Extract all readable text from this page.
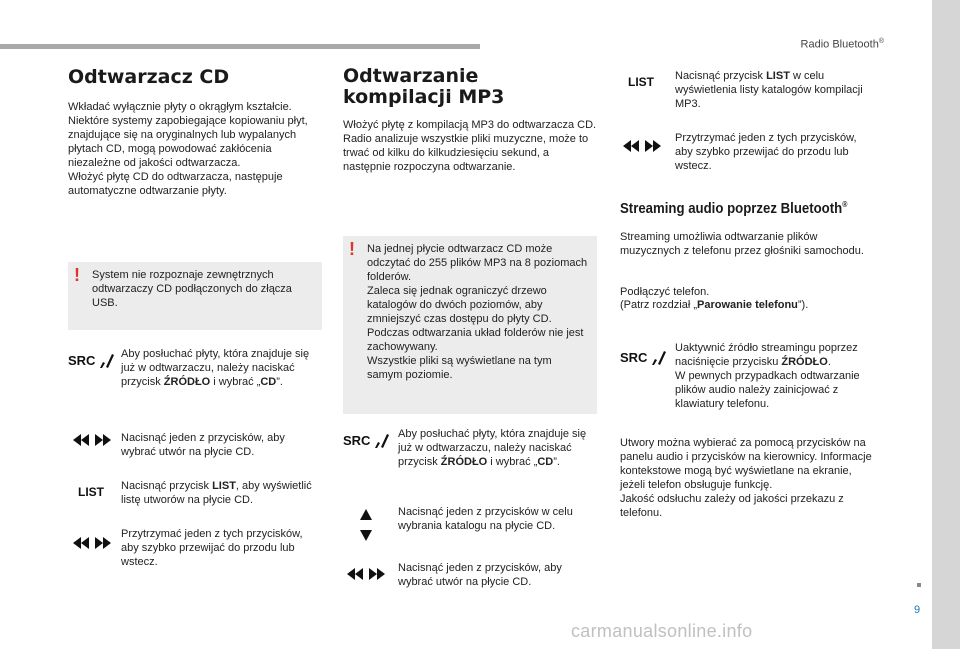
Radio Bluetooth®
9
carmanualsonline.info
Odtwarzacz CD
Wkładać wyłącznie płyty o okrągłym kształcie.
Niektóre systemy zapobiegające kopiowaniu płyt, znajdujące się na oryginalnych lub wypalanych płytach CD, mogą powodować zakłócenia niezależne od jakości odtwarzacza.
Włożyć płytę CD do odtwarzacza, następuje automatyczne odtwarzanie płyty.
! System nie rozpoznaje zewnętrznych odtwarzaczy CD podłączonych do złącza USB.
SRC Aby posłuchać płyty, która znajduje się już w odtwarzaczu, należy naciskać przycisk ŹRÓDŁO i wybrać „CD”.
Nacisnąć jeden z przycisków, aby wybrać utwór na płycie CD.
LIST	Nacisnąć przycisk LIST, aby wyświetlić listę utworów na płycie CD.
Przytrzymać jeden z tych przycisków, aby szybko przewijać do przodu lub wstecz.
Odtwarzanie kompilacji MP3
Włożyć płytę z kompilacją MP3 do odtwarzacza CD.
Radio analizuje wszystkie pliki muzyczne, może to trwać od kilku do kilkudziesięciu sekund, a następnie rozpoczyna odtwarzanie.
! Na jednej płycie odtwarzacz CD może odczytać do 255 plików MP3 na 8 poziomach folderów.
Zaleca się jednak ograniczyć drzewo katalogów do dwóch poziomów, aby zmniejszyć czas dostępu do płyty CD.
Podczas odtwarzania układ folderów nie jest zachowywany.
Wszystkie pliki są wyświetlane na tym samym poziomie.
SRC	Aby posłuchać płyty, która znajduje się już w odtwarzaczu, należy naciskać przycisk ŹRÓDŁO i wybrać „CD”.
Nacisnąć jeden z przycisków w celu wybrania katalogu na płycie CD.
Nacisnąć jeden z przycisków, aby wybrać utwór na płycie CD.
LIST	Nacisnąć przycisk LIST w celu wyświetlenia listy katalogów kompilacji MP3.
Przytrzymać jeden z tych przycisków, aby szybko przewijać do przodu lub wstecz.
Streaming audio poprzez Bluetooth®
Streaming umożliwia odtwarzanie plików muzycznych z telefonu przez głośniki samochodu.
Podłączyć telefon.
(Patrz rozdział „Parowanie telefonu”).
SRC
Uaktywnić źródło streamingu poprzez naciśnięcie przycisku ŹRÓDŁO.
W pewnych przypadkach odtwarzanie plików audio należy zainicjować z klawiatury telefonu.
Utwory można wybierać za pomocą przycisków na panelu audio i przycisków na kierownicy. Informacje kontekstowe mogą być wyświetlane na ekranie, jeżeli telefon obsługuje funkcję.
Jakość odsłuchu zależy od jakości przekazu z telefonu.
